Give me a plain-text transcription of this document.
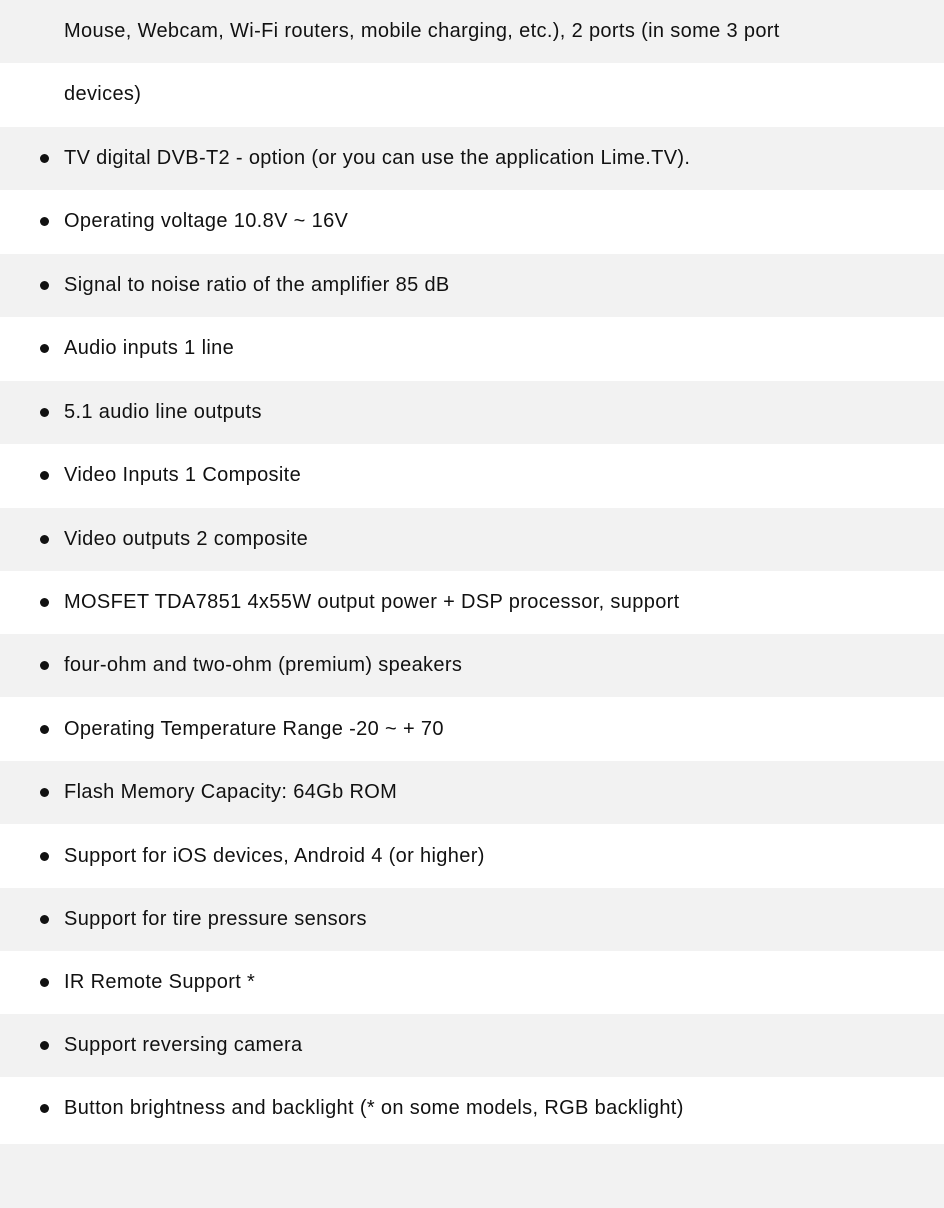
Mouse, Webcam, Wi-Fi routers, mobile charging, etc.), 2 ports (in some 3 port
devices)
TV digital DVB-T2 - option (or you can use the application Lime.TV).
Operating voltage 10.8V ~ 16V
Signal to noise ratio of the amplifier 85 dB
Audio inputs 1 line
5.1 audio line outputs
Video Inputs 1 Composite
Video outputs 2 composite
MOSFET TDA7851 4x55W output power + DSP processor, support
four-ohm and two-ohm (premium) speakers
Operating Temperature Range -20 ~ + 70
Flash Memory Capacity: 64Gb ROM
Support for iOS devices, Android 4 (or higher)
Support for tire pressure sensors
IR Remote Support *
Support reversing camera
Button brightness and backlight (* on some models, RGB backlight)
